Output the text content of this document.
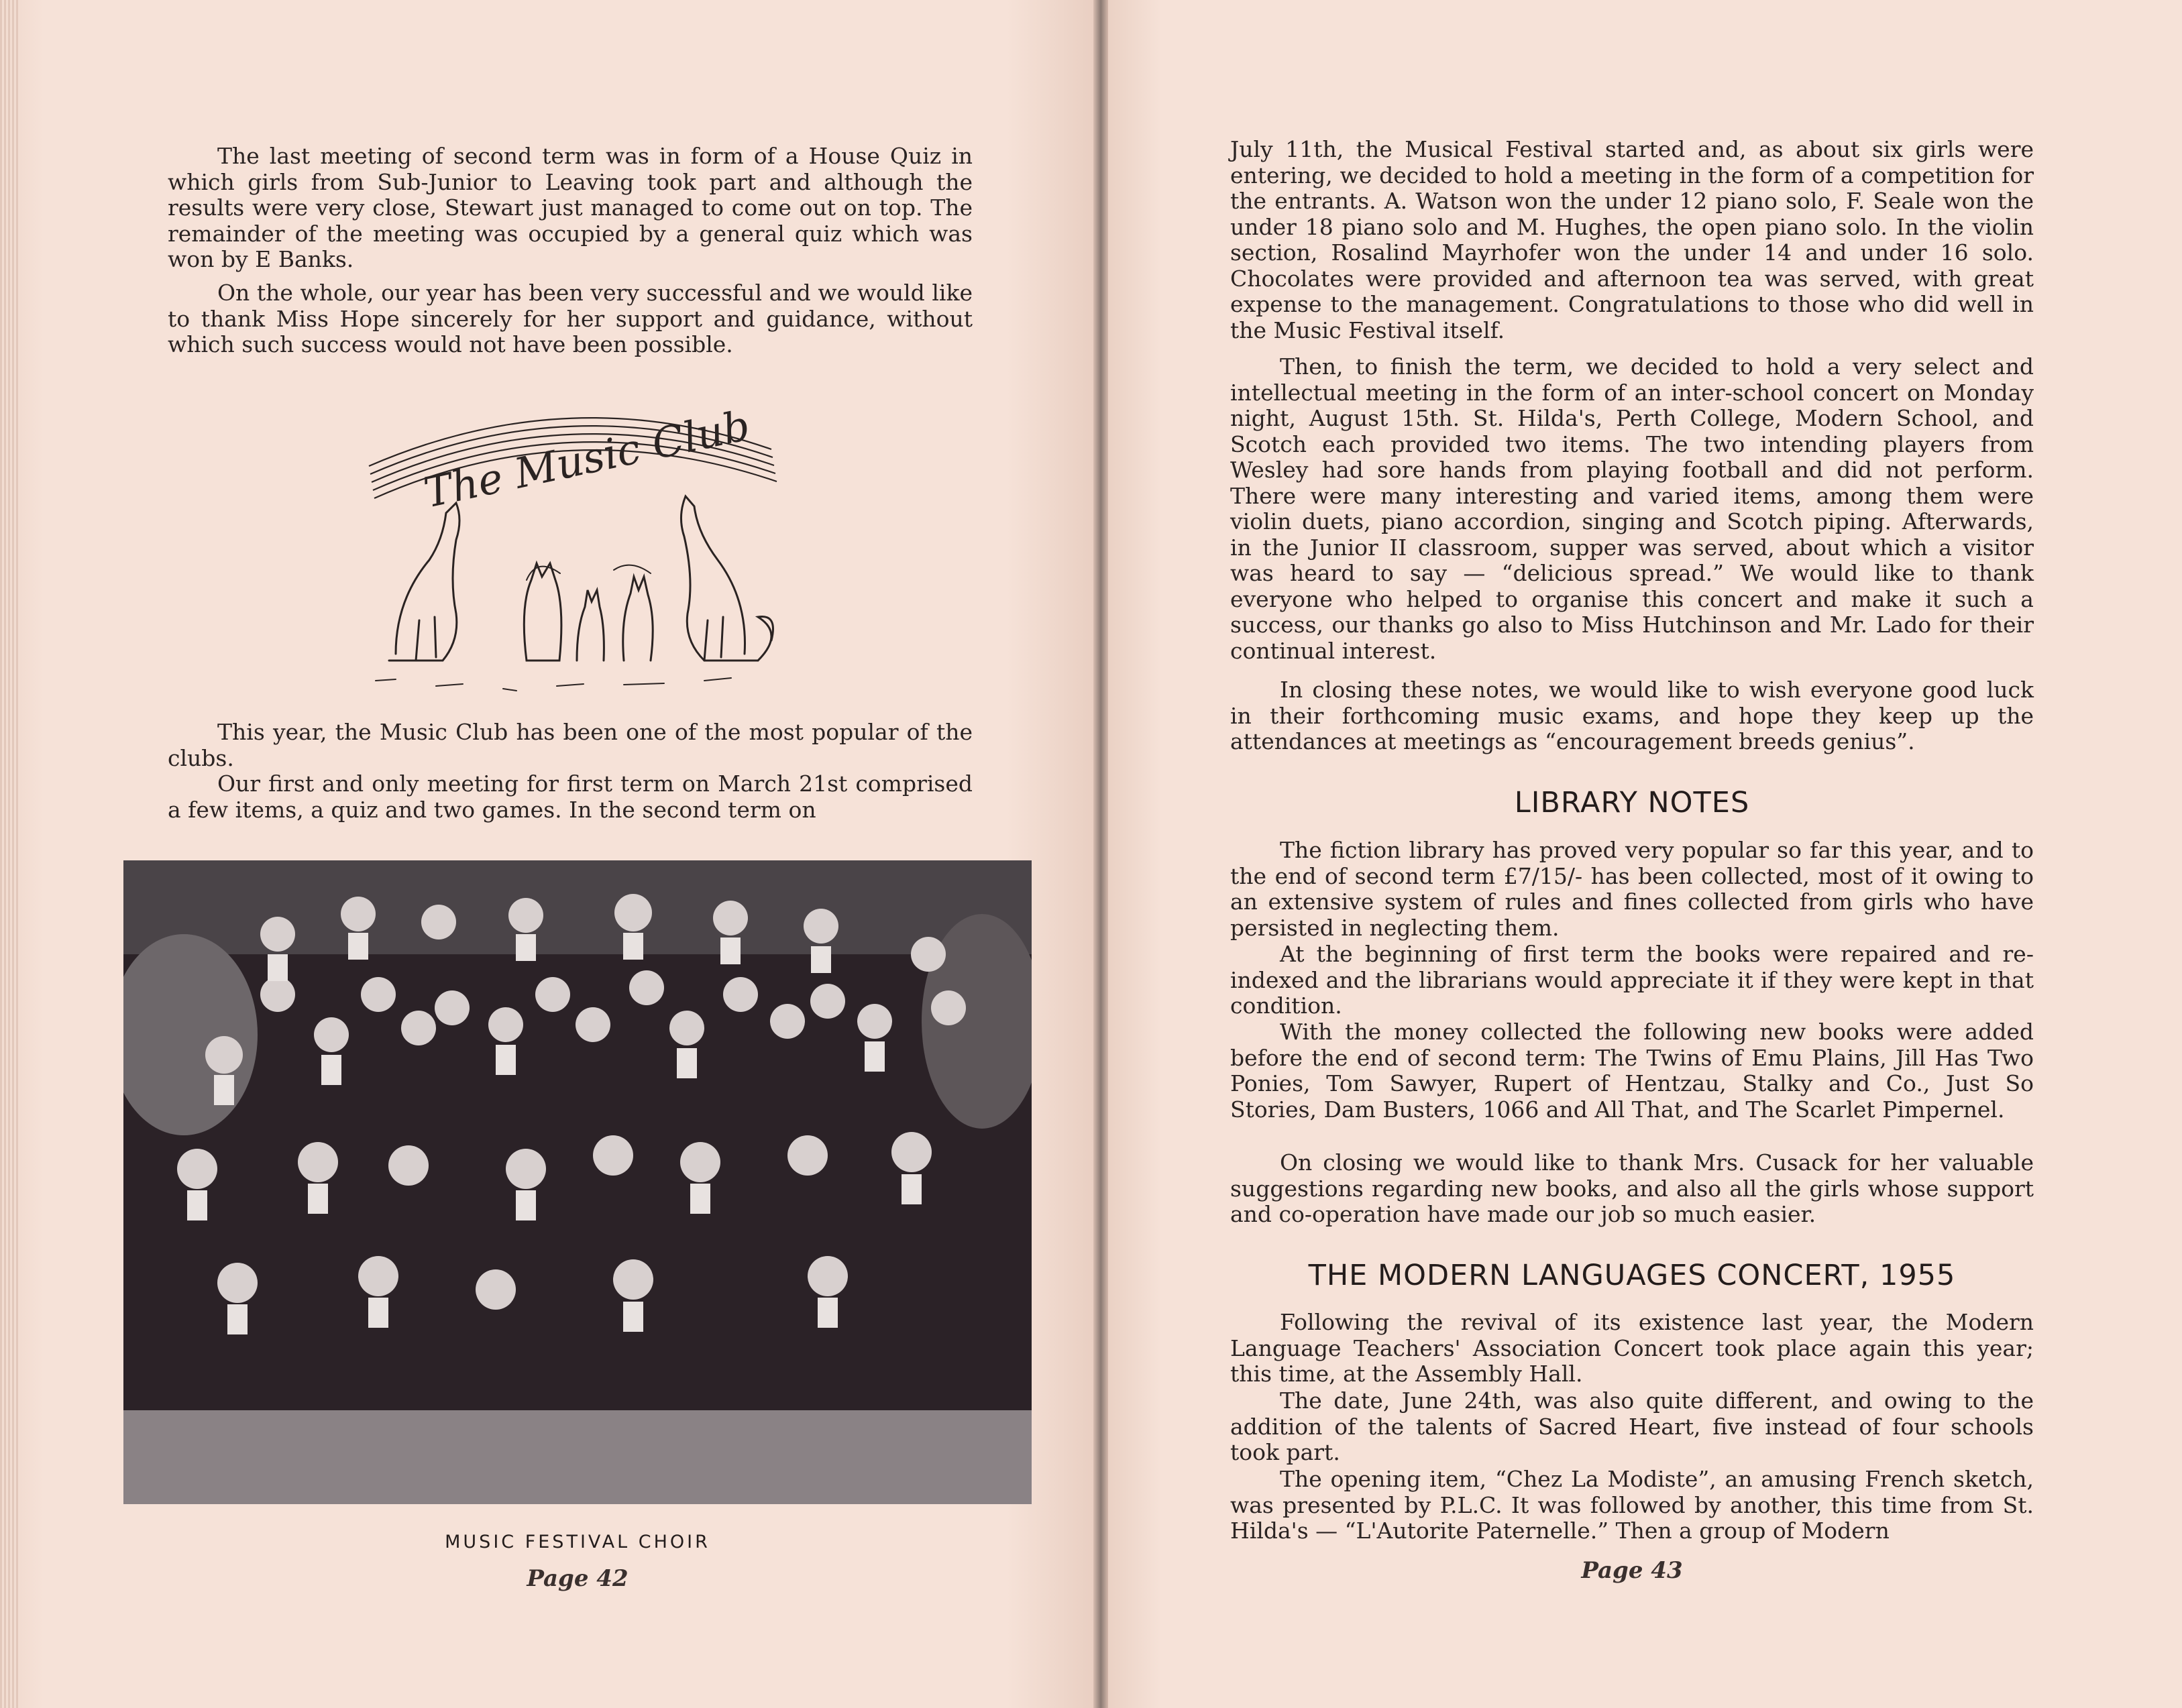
The last meeting of second term was in form of a House Quiz in which girls from Sub-Junior to Leaving took part and although the results were very close, Stewart just managed to come out on top. The remainder of the meeting was occupied by a general quiz which was won by E Banks.

On the whole, our year has been very successful and we would like to thank Miss Hope sincerely for her support and guidance, without which such success would not have been possible.

The Music Club

This year, the Music Club has been one of the most popular of the clubs.

Our first and only meeting for first term on March 21st comprised a few items, a quiz and two games. In the second term on

MUSIC FESTIVAL CHOIR

Page 42

July 11th, the Musical Festival started and, as about six girls were entering, we decided to hold a meeting in the form of a competition for the entrants. A. Watson won the under 12 piano solo, F. Seale won the under 18 piano solo and M. Hughes, the open piano solo. In the violin section, Rosalind Mayrhofer won the under 14 and under 16 solo. Chocolates were provided and afternoon tea was served, with great expense to the management. Congratulations to those who did well in the Music Festival itself.

Then, to finish the term, we decided to hold a very select and intellectual meeting in the form of an inter-school concert on Monday night, August 15th. St. Hilda's, Perth College, Modern School, and Scotch each provided two items. The two intending players from Wesley had sore hands from playing football and did not perform. There were many interesting and varied items, among them were violin duets, piano accordion, singing and Scotch piping. Afterwards, in the Junior II classroom, supper was served, about which a visitor was heard to say — “delicious spread.” We would like to thank everyone who helped to organise this concert and make it such a success, our thanks go also to Miss Hutchinson and Mr. Lado for their continual interest.

In closing these notes, we would like to wish everyone good luck in their forthcoming music exams, and hope they keep up the attendances at meetings as “encouragement breeds genius”.

LIBRARY NOTES

The fiction library has proved very popular so far this year, and to the end of second term £7/15/- has been collected, most of it owing to an extensive system of rules and fines collected from girls who have persisted in neglecting them.

At the beginning of first term the books were repaired and re-indexed and the librarians would appreciate it if they were kept in that condition.

With the money collected the following new books were added before the end of second term: The Twins of Emu Plains, Jill Has Two Ponies, Tom Sawyer, Rupert of Hentzau, Stalky and Co., Just So Stories, Dam Busters, 1066 and All That, and The Scarlet Pimpernel.

On closing we would like to thank Mrs. Cusack for her valuable suggestions regarding new books, and also all the girls whose support and co-operation have made our job so much easier.

THE MODERN LANGUAGES CONCERT, 1955

Following the revival of its existence last year, the Modern Language Teachers' Association Concert took place again this year; this time, at the Assembly Hall.

The date, June 24th, was also quite different, and owing to the addition of the talents of Sacred Heart, five instead of four schools took part.

The opening item, “Chez La Modiste”, an amusing French sketch, was presented by P.L.C. It was followed by another, this time from St. Hilda's — “L'Autorite Paternelle.” Then a group of Modern

Page 43
